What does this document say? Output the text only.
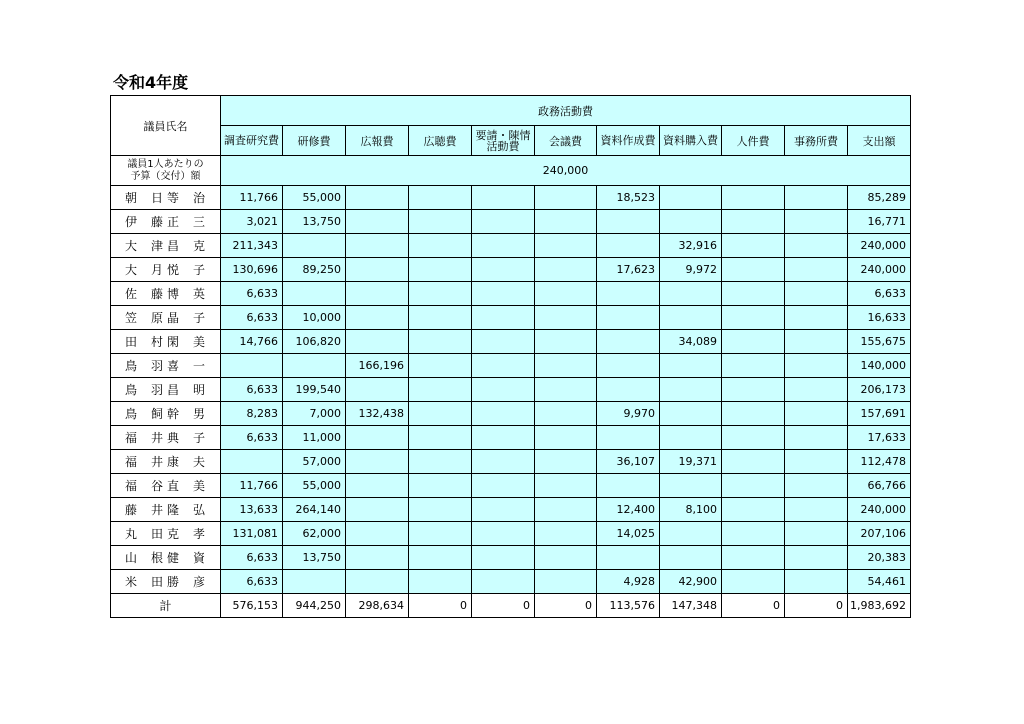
令和4年度
議員氏名	政務活動費										
	調査研究費	研修費	広報費	広聴費	要請・陳情活動費	会議費	資料作成費	資料購入費	人件費	事務所費	支出額

議員1人あたりの
予算（交付）額	240,000										

朝　日 等　治	11,766	55,000					18,523				85,289

伊　藤 正　三	3,021	13,750									16,771

大　津 昌　克	211,343							32,916			240,000

大　月 悦　子	130,696	89,250					17,623	9,972			240,000

佐　藤 博　英	6,633										6,633

笠　原 晶　子	6,633	10,000									16,633

田　村 閑　美	14,766	106,820						34,089			155,675

鳥　羽 喜　一			166,196								140,000

鳥　羽 昌　明	6,633	199,540									206,173

鳥　飼 幹　男	8,283	7,000	132,438				9,970				157,691

福　井 典　子	6,633	11,000									17,633

福　井 康　夫		57,000					36,107	19,371			112,478

福　谷 直　美	11,766	55,000									66,766

藤　井 隆　弘	13,633	264,140					12,400	8,100			240,000

丸　田 克　孝	131,081	62,000					14,025				207,106

山　根 健　資	6,633	13,750									20,383

米　田 勝　彦	6,633						4,928	42,900			54,461
計	576,153	944,250	298,634	0	0	0	113,576	147,348	0	0	1,983,692
